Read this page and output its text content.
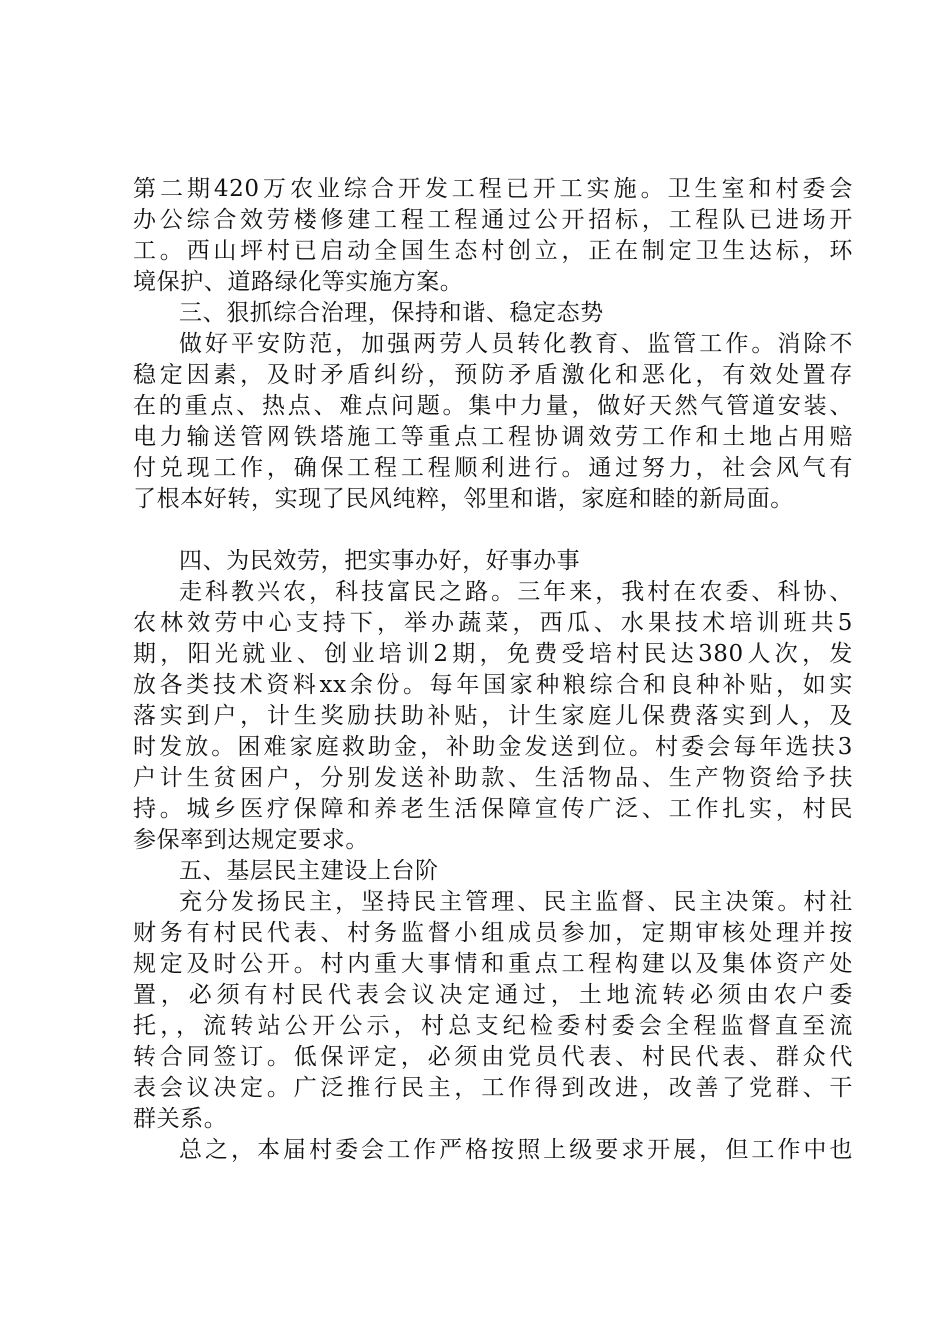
第二期420万农业综合开发工程已开工实施。卫生室和村委会
办公综合效劳楼修建工程工程通过公开招标，工程队已进场开
工。西山坪村已启动全国生态村创立，正在制定卫生达标，环
境保护、道路绿化等实施方案。
三、狠抓综合治理，保持和谐、稳定态势
做好平安防范，加强两劳人员转化教育、监管工作。消除不
稳定因素，及时矛盾纠纷，预防矛盾激化和恶化，有效处置存
在的重点、热点、难点问题。集中力量，做好天然气管道安装、
电力输送管网铁塔施工等重点工程协调效劳工作和土地占用赔
付兑现工作，确保工程工程顺利进行。通过努力，社会风气有
了根本好转，实现了民风纯粹，邻里和谐，家庭和睦的新局面。
四、为民效劳，把实事办好，好事办事
走科教兴农，科技富民之路。三年来，我村在农委、科协、
农林效劳中心支持下，举办蔬菜，西瓜、水果技术培训班共5
期，阳光就业、创业培训2期，免费受培村民达380人次，发
放各类技术资料xx余份。每年国家种粮综合和良种补贴，如实
落实到户，计生奖励扶助补贴，计生家庭儿保费落实到人，及
时发放。困难家庭救助金，补助金发送到位。村委会每年选扶3
户计生贫困户，分别发送补助款、生活物品、生产物资给予扶
持。城乡医疗保障和养老生活保障宣传广泛、工作扎实，村民
参保率到达规定要求。
五、基层民主建设上台阶
充分发扬民主，坚持民主管理、民主监督、民主决策。村社
财务有村民代表、村务监督小组成员参加，定期审核处理并按
规定及时公开。村内重大事情和重点工程构建以及集体资产处
置，必须有村民代表会议决定通过，土地流转必须由农户委
托，，流转站公开公示，村总支纪检委村委会全程监督直至流
转合同签订。低保评定，必须由党员代表、村民代表、群众代
表会议决定。广泛推行民主，工作得到改进，改善了党群、干
群关系。
总之，本届村委会工作严格按照上级要求开展，但工作中也
